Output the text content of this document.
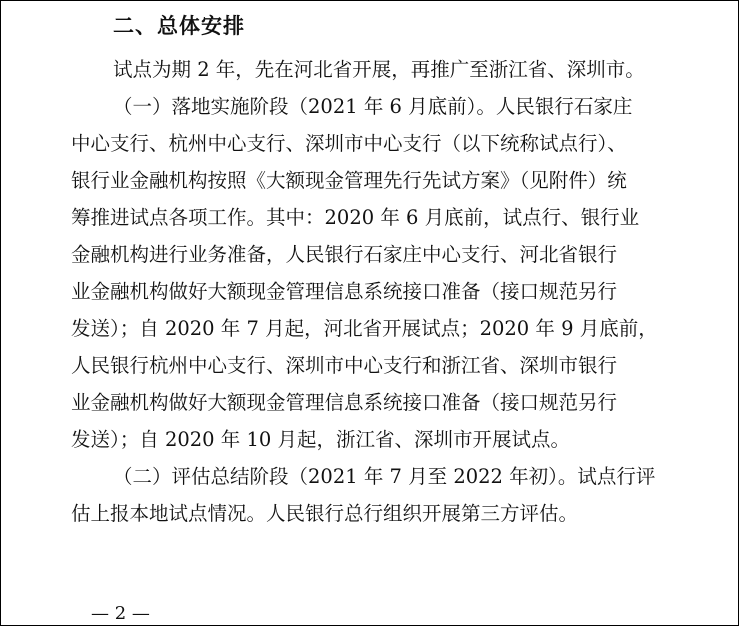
二、总体安排
试点为期 2 年，先在河北省开展，再推广至浙江省、深圳市。
（一）落地实施阶段（2021 年 6 月底前）。人民银行石家庄
中心支行、杭州中心支行、深圳市中心支行（以下统称试点行）、
银行业金融机构按照《大额现金管理先行先试方案》（见附件）统
筹推进试点各项工作。其中：2020 年 6 月底前，试点行、银行业
金融机构进行业务准备，人民银行石家庄中心支行、河北省银行
业金融机构做好大额现金管理信息系统接口准备（接口规范另行
发送）；自 2020 年 7 月起，河北省开展试点；2020 年 9 月底前，
人民银行杭州中心支行、深圳市中心支行和浙江省、深圳市银行
业金融机构做好大额现金管理信息系统接口准备（接口规范另行
发送）；自 2020 年 10 月起，浙江省、深圳市开展试点。
（二）评估总结阶段（2021 年 7 月至 2022 年初）。试点行评
估上报本地试点情况。人民银行总行组织开展第三方评估。
— 2 —
